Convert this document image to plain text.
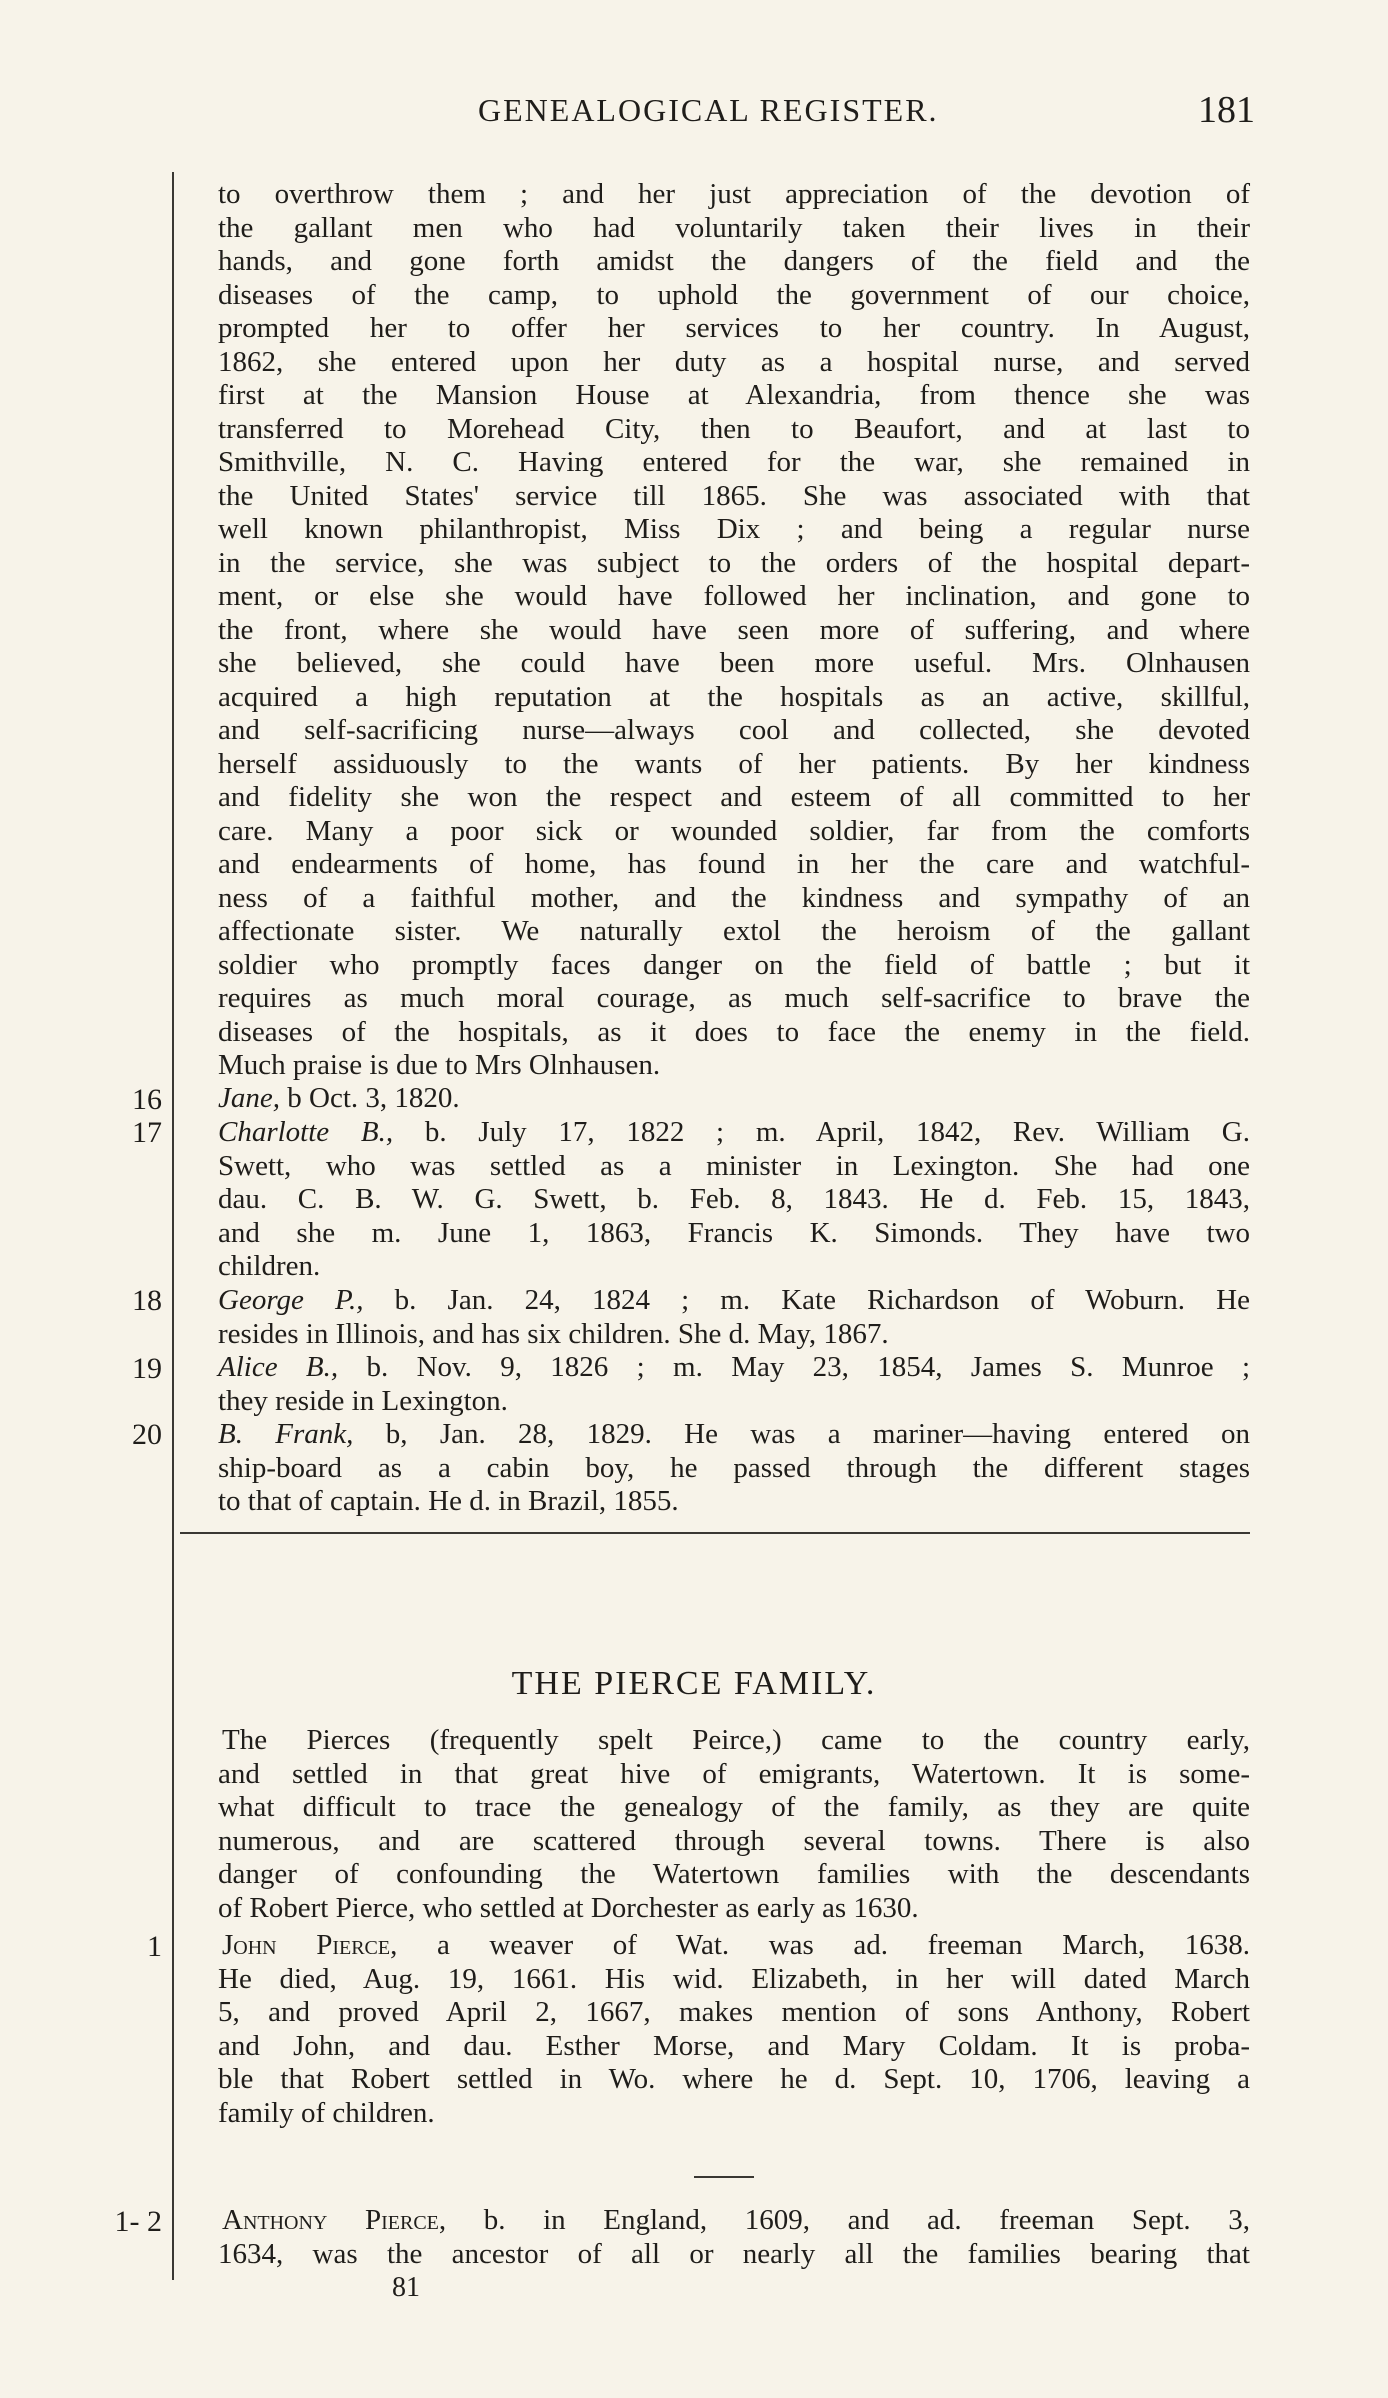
GENEALOGICAL REGISTER.	181
to overthrow them ; and her just appreciation of the devotion of
the gallant men who had voluntarily taken their lives in their
hands, and gone forth amidst the dangers of the field and the
diseases of the camp, to uphold the government of our choice,
prompted her to offer her services to her country. In August,
1862, she entered upon her duty as a hospital nurse, and served
first at the Mansion House at Alexandria, from thence she was
transferred to Morehead City, then to Beaufort, and at last to
Smithville, N. C. Having entered for the war, she remained in
the United States' service till 1865. She was associated with that
well known philanthropist, Miss Dix ; and being a regular nurse
in the service, she was subject to the orders of the hospital depart-
ment, or else she would have followed her inclination, and gone to
the front, where she would have seen more of suffering, and where
she believed, she could have been more useful. Mrs. Olnhausen
acquired a high reputation at the hospitals as an active, skillful,
and self-sacrificing nurse—always cool and collected, she devoted
herself assiduously to the wants of her patients. By her kindness
and fidelity she won the respect and esteem of all committed to her
care. Many a poor sick or wounded soldier, far from the comforts
and endearments of home, has found in her the care and watchful-
ness of a faithful mother, and the kindness and sympathy of an
affectionate sister. We naturally extol the heroism of the gallant
soldier who promptly faces danger on the field of battle ; but it
requires as much moral courage, as much self-sacrifice to brave the
diseases of the hospitals, as it does to face the enemy in the field.
Much praise is due to Mrs Olnhausen.
16 Jane, b Oct. 3, 1820.
17 Charlotte B., b. July 17, 1822 ; m. April, 1842, Rev. William G.
Swett, who was settled as a minister in Lexington. She had one
dau. C. B. W. G. Swett, b. Feb. 8, 1843. He d. Feb. 15, 1843,
and she m. June 1, 1863, Francis K. Simonds. They have two
children.
18 George P., b. Jan. 24, 1824 ; m. Kate Richardson of Woburn. He
resides in Illinois, and has six children. She d. May, 1867.
19 Alice B., b. Nov. 9, 1826 ; m. May 23, 1854, James S. Munroe ;
they reside in Lexington.
20 B. Frank, b, Jan. 28, 1829. He was a mariner—having entered on
ship-board as a cabin boy, he passed through the different stages
to that of captain. He d. in Brazil, 1855.
THE PIERCE FAMILY.
The Pierces (frequently spelt Peirce,) came to the country early,
and settled in that great hive of emigrants, Watertown. It is some-
what difficult to trace the genealogy of the family, as they are quite
numerous, and are scattered through several towns. There is also
danger of confounding the Watertown families with the descendants
of Robert Pierce, who settled at Dorchester as early as 1630.
1 John Pierce, a weaver of Wat. was ad. freeman March, 1638.
He died, Aug. 19, 1661. His wid. Elizabeth, in her will dated March
5, and proved April 2, 1667, makes mention of sons Anthony, Robert
and John, and dau. Esther Morse, and Mary Coldam. It is proba-
ble that Robert settled in Wo. where he d. Sept. 10, 1706, leaving a
family of children.
1- 2 Anthony Pierce, b. in England, 1609, and ad. freeman Sept. 3,
1634, was the ancestor of all or nearly all the families bearing that
81
